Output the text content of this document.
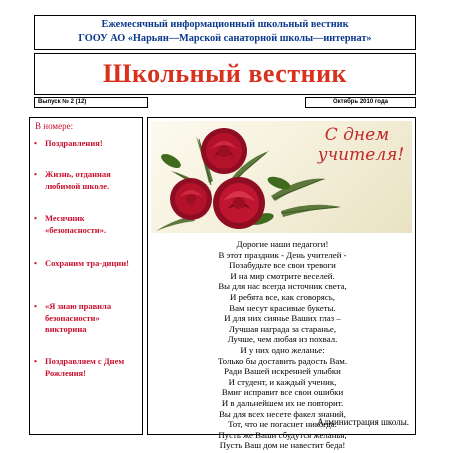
Ежемесячный информационный школьный вестник
ГООУ АО «Нарьян—Марской санаторной школы—интернат»
Школьный вестник
Выпуск № 2 (12)	Октябрь 2010 года
В номере:
• Поздравления!
• Жизнь, отданная любимой школе.
• Месячник «безопасности».
• Сохраним тра-диции!
• «Я знаю правила безопасности» викторина
• Поздравляем с Днем Рожления!
С днем
учителя!
Дорогие наши педагоги!
В этот праздник - День учителей -
Позабудьте все свои тревоги
И на мир смотрите веселей.
Вы для нас всегда источник света,
И ребята все, как сговорясь,
Вам несут красивые букеты.
И для них сиянье Ваших глаз –
Лучшая награда за старанье,
Лучше, чем любая из похвал.
И у них одно желанье:
Только бы доставить радость Вам.
Ради Вашей искренней улыбки
И студент, и каждый ученик,
Вмиг исправит все свои ошибки
И в дальнейшем их не повторит.
Вы для всех несете факел знаний,
Тот, что не погаснет никогда.
Пусть же Ваши сбудутся желанья,
Пусть Ваш дом не навестит беда!
Администрация школы.
